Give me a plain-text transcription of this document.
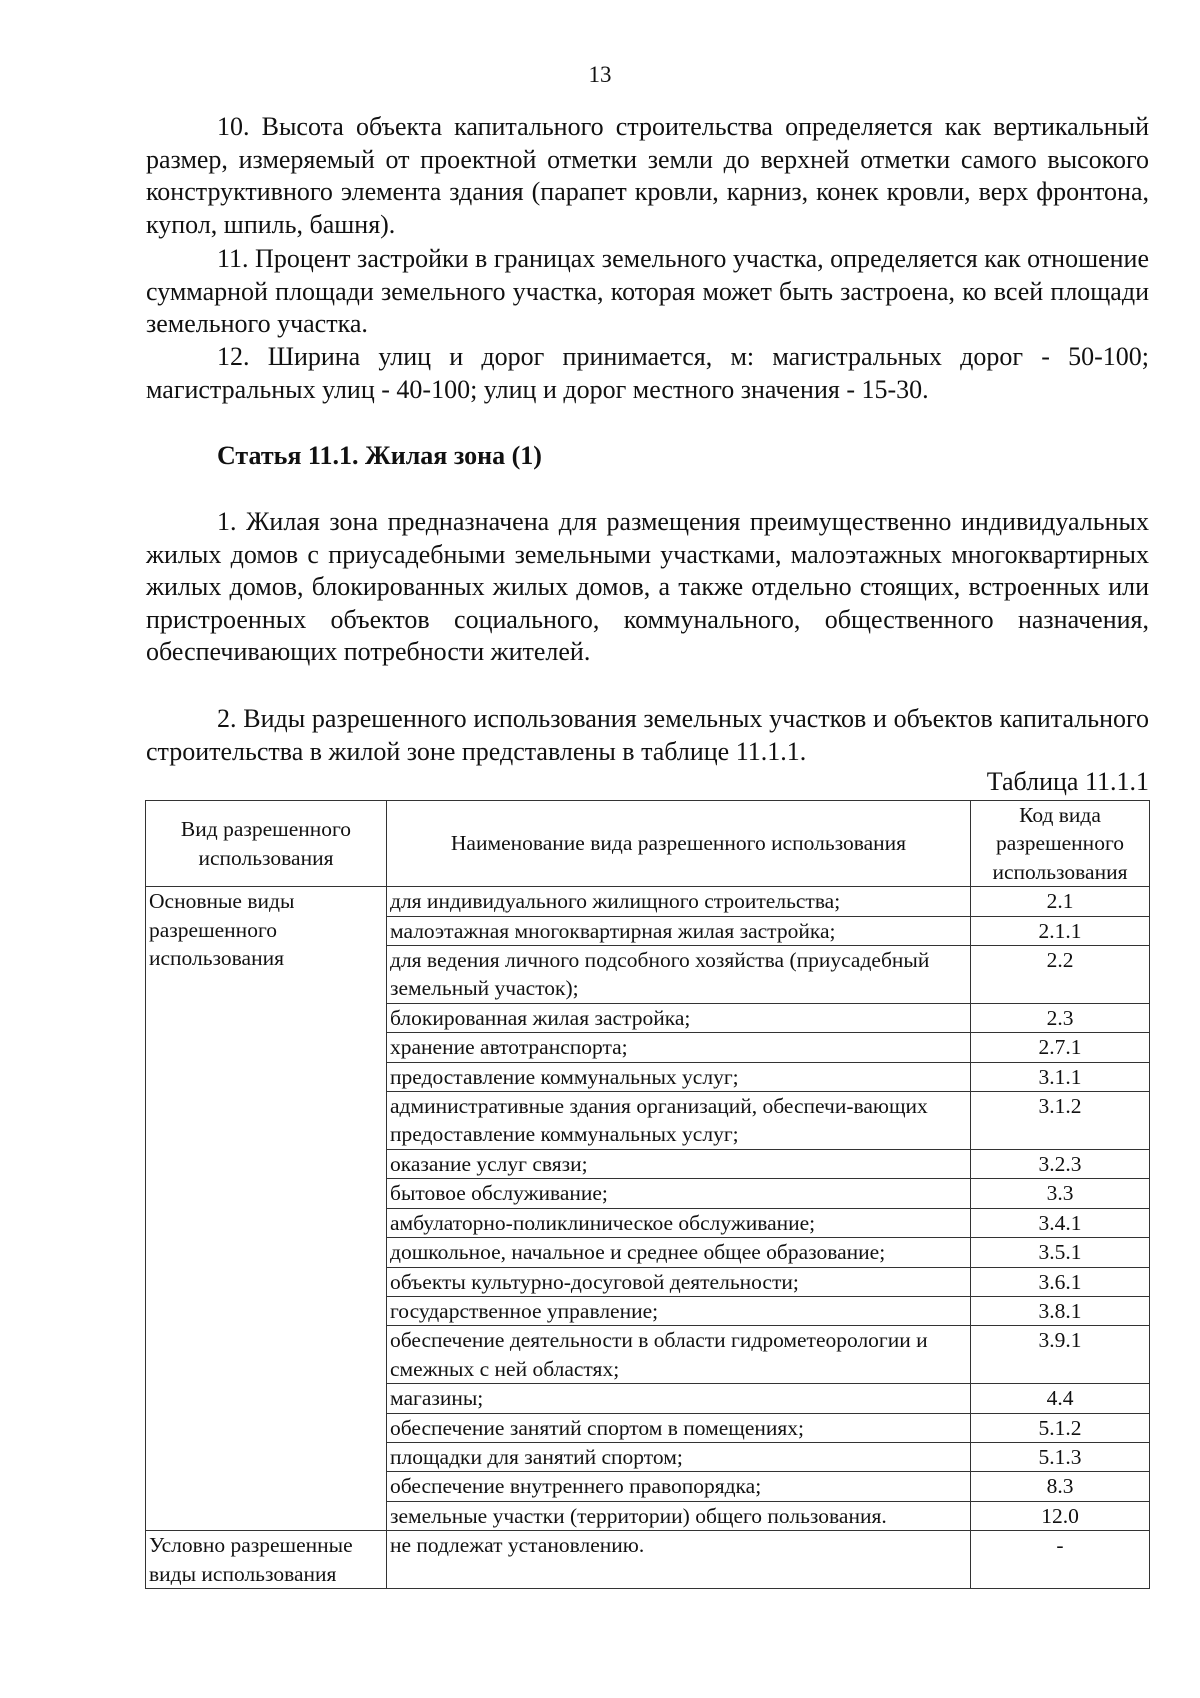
13

10. Высота объекта капитального строительства определяется как вертикальный размер, измеряемый от проектной отметки земли до верхней отметки самого высокого конструктивного элемента здания (парапет кровли, карниз, конек кровли, верх фронтона, купол, шпиль, башня).

11. Процент застройки в границах земельного участка, определяется как отношение суммарной площади земельного участка, которая может быть застроена, ко всей площади земельного участка.

12. Ширина улиц и дорог принимается, м: магистральных дорог - 50-100; магистральных улиц - 40-100; улиц и дорог местного значения - 15-30.

Статья 11.1. Жилая зона (1)

1. Жилая зона предназначена для размещения преимущественно индивидуальных жилых домов с приусадебными земельными участками, малоэтажных многоквартирных жилых домов, блокированных жилых домов, а также отдельно стоящих, встроенных или пристроенных объектов социального, коммунального, общественного назначения, обеспечивающих потребности жителей.

2. Виды разрешенного использования земельных участков и объектов капитального строительства в жилой зоне представлены в таблице 11.1.1.

Таблица 11.1.1
Вид разрешенного использования	Наименование вида разрешенного использования	Код вида разрешенного использования
Основные виды разрешенного использования	для индивидуального жилищного строительства;	2.1
	малоэтажная многоквартирная жилая застройка;	2.1.1
	для ведения личного подсобного хозяйства (приусадебный земельный участок);	2.2
	блокированная жилая застройка;	2.3
	хранение автотранспорта;	2.7.1
	предоставление коммунальных услуг;	3.1.1
	административные здания организаций, обеспечи-вающих предоставление коммунальных услуг;	3.1.2
	оказание услуг связи;	3.2.3
	бытовое обслуживание;	3.3
	амбулаторно-поликлиническое обслуживание;	3.4.1
	дошкольное, начальное и среднее общее образование;	3.5.1
	объекты культурно-досуговой деятельности;	3.6.1
	государственное управление;	3.8.1
	обеспечение деятельности в области гидрометеорологии и смежных с ней областях;	3.9.1
	магазины;	4.4
	обеспечение занятий спортом в помещениях;	5.1.2
	площадки для занятий спортом;	5.1.3
	обеспечение внутреннего правопорядка;	8.3
	земельные участки (территории) общего пользования.	12.0
Условно разрешенные виды использования	не подлежат установлению.	-
